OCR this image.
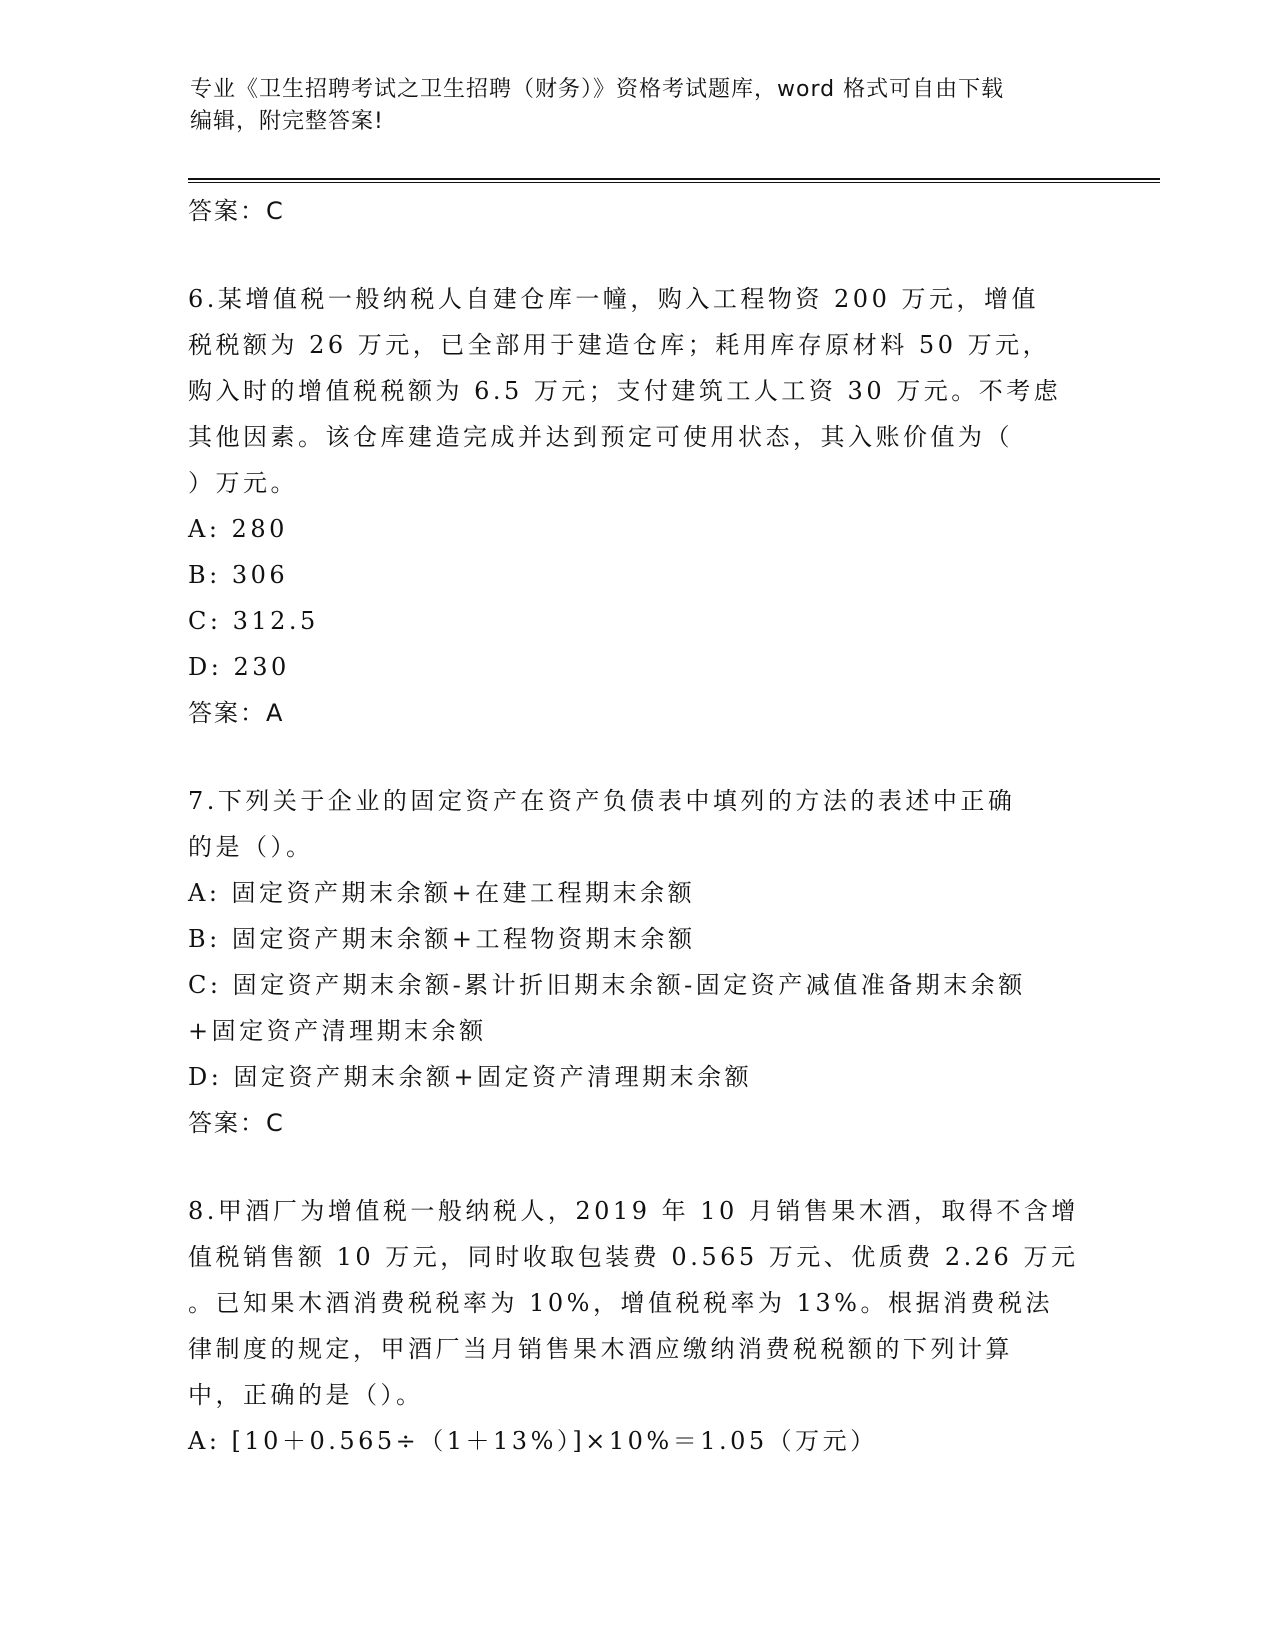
专业《卫生招聘考试之卫生招聘（财务）》资格考试题库，word 格式可自由下载
编辑，附完整答案!
答案：C
6.某增值税一般纳税人自建仓库一幢，购入工程物资 200 万元，增值
税税额为 26 万元，已全部用于建造仓库；耗用库存原材料 50 万元，
购入时的增值税税额为 6.5 万元；支付建筑工人工资 30 万元。不考虑
其他因素。该仓库建造完成并达到预定可使用状态，其入账价值为（
）万元。
A: 280
B: 306
C: 312.5
D: 230
答案：A
7.下列关于企业的固定资产在资产负债表中填列的方法的表述中正确
的是（）。
A: 固定资产期末余额+在建工程期末余额
B: 固定资产期末余额+工程物资期末余额
C: 固定资产期末余额-累计折旧期末余额-固定资产减值准备期末余额
+固定资产清理期末余额
D: 固定资产期末余额+固定资产清理期末余额
答案：C
8.甲酒厂为增值税一般纳税人，2019 年 10 月销售果木酒，取得不含增
值税销售额 10 万元，同时收取包装费 0.565 万元、优质费 2.26 万元
。已知果木酒消费税税率为 10%，增值税税率为 13%。根据消费税法
律制度的规定，甲酒厂当月销售果木酒应缴纳消费税税额的下列计算
中，正确的是（）。
A: [10＋0.565÷（1＋13%）]×10%＝1.05（万元）
